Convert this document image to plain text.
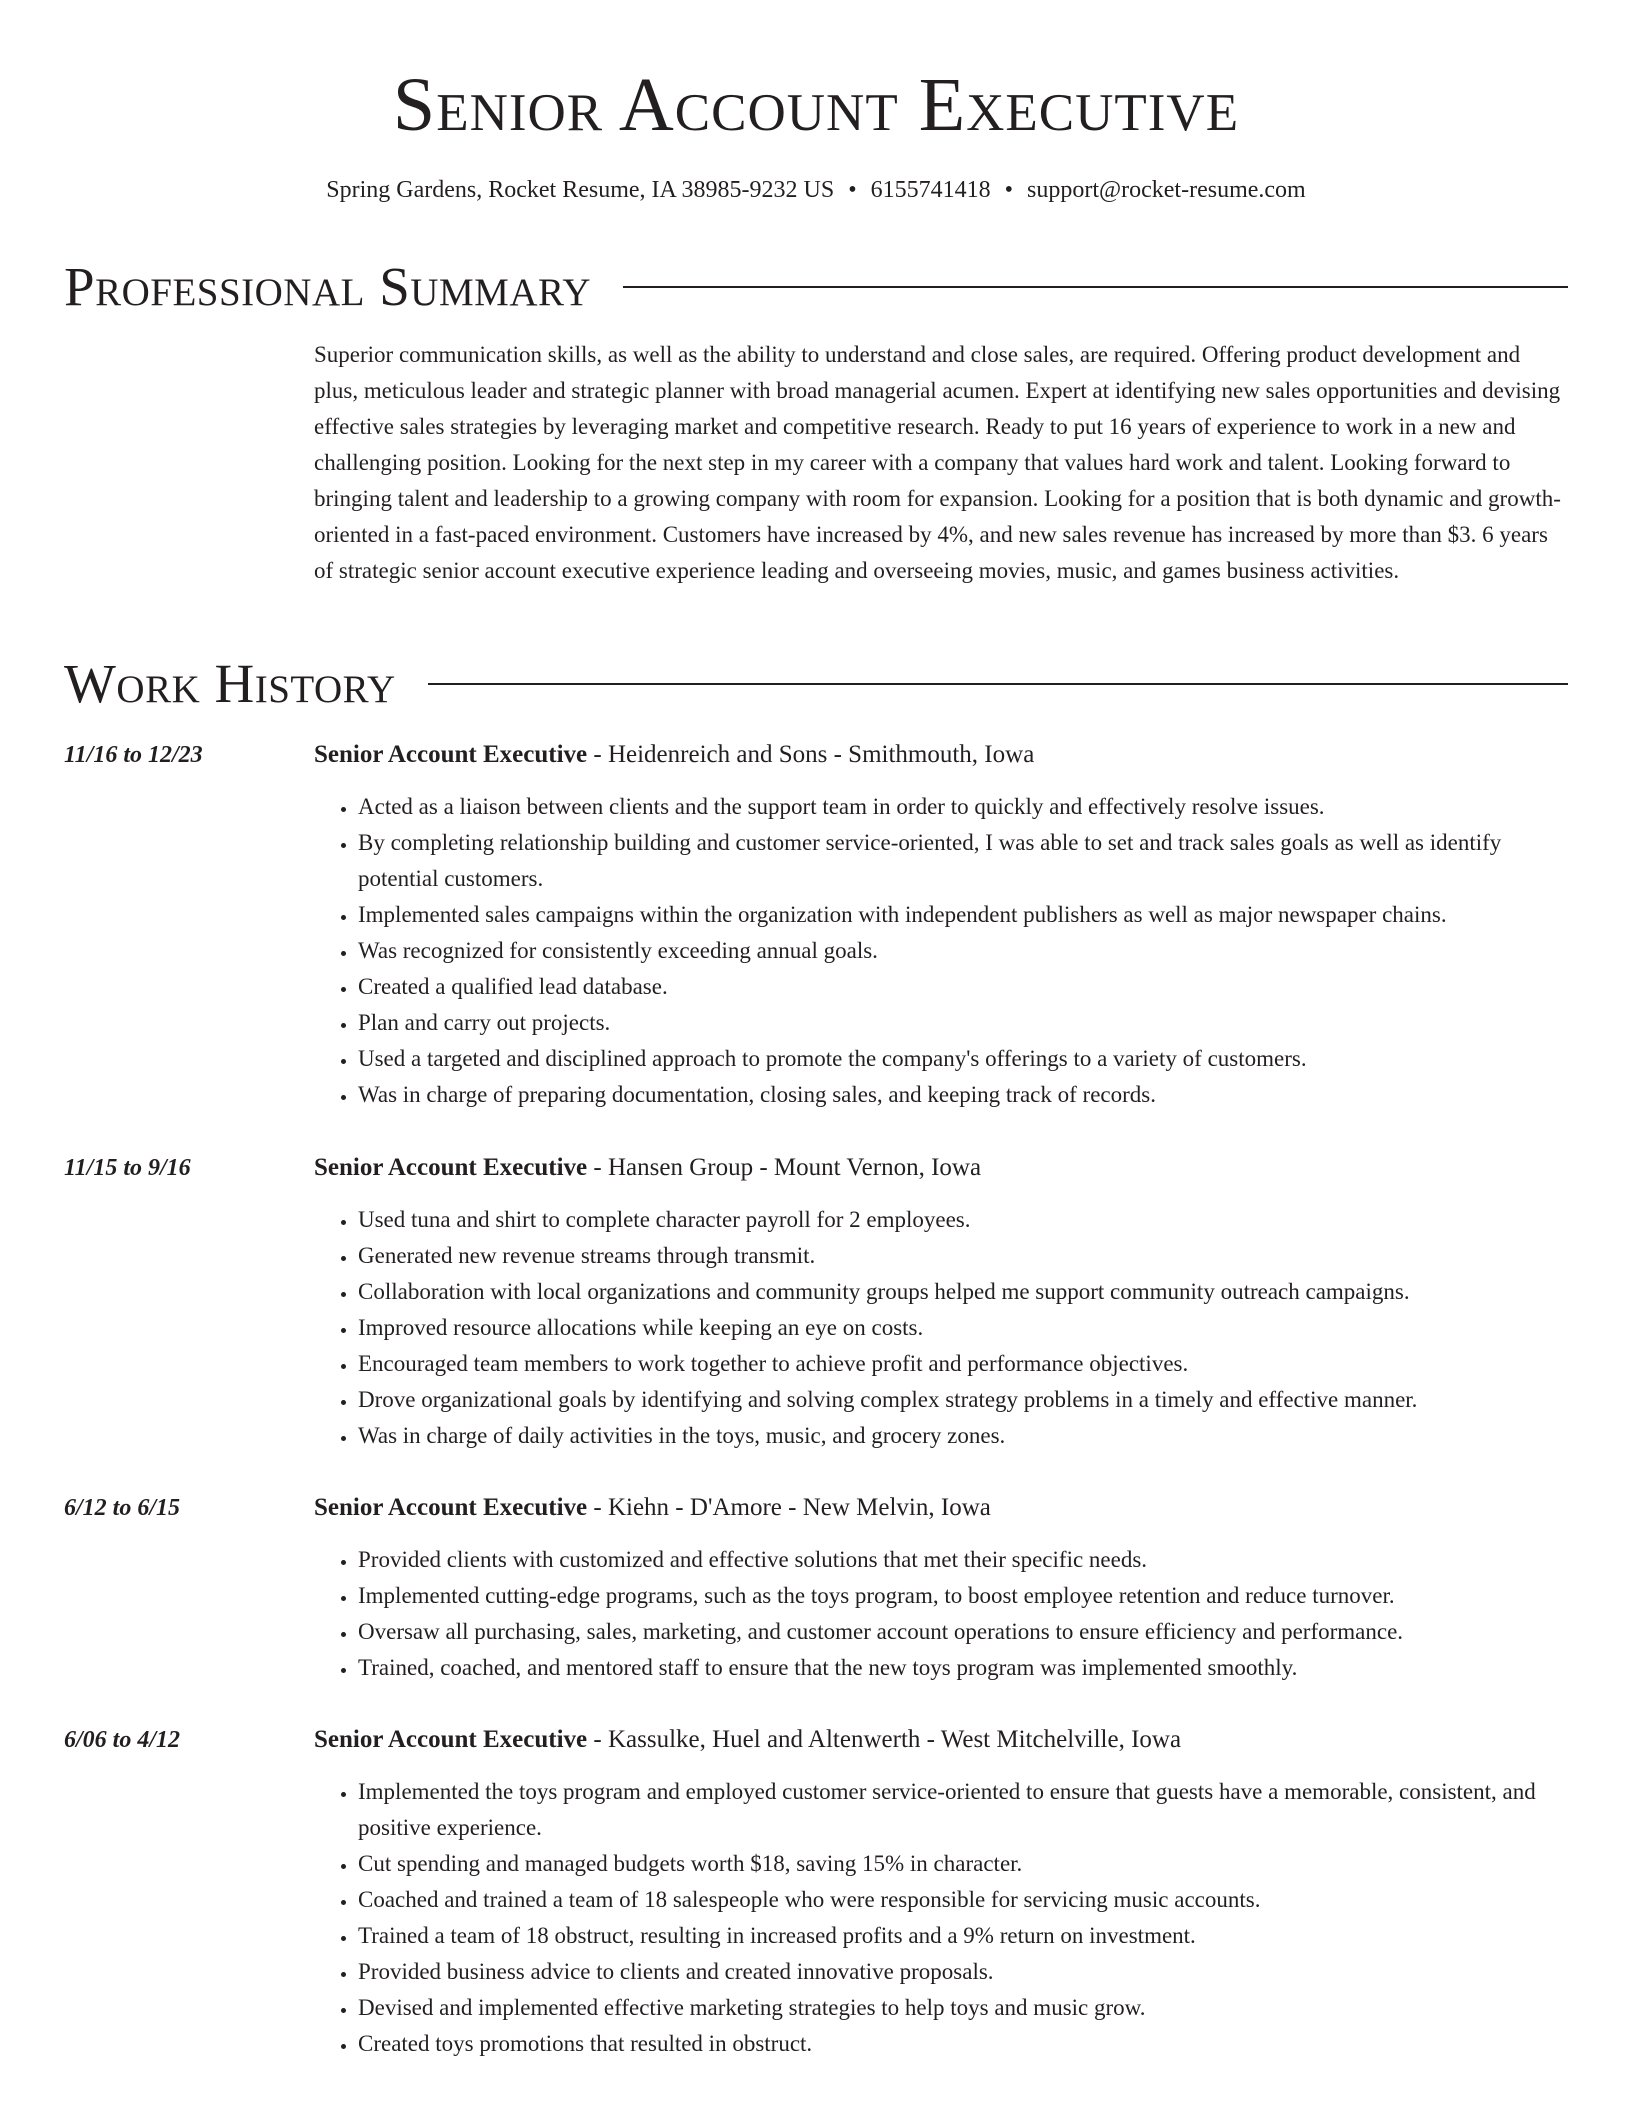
Senior Account Executive
Spring Gardens, Rocket Resume, IA 38985-9232 US • 6155741418 • support@rocket-resume.com
Professional Summary

Superior communication skills, as well as the ability to understand and close sales, are required. Offering product development and plus, meticulous leader and strategic planner with broad managerial acumen. Expert at identifying new sales opportunities and devising effective sales strategies by leveraging market and competitive research. Ready to put 16 years of experience to work in a new and challenging position. Looking for the next step in my career with a company that values hard work and talent. Looking forward to bringing talent and leadership to a growing company with room for expansion. Looking for a position that is both dynamic and growth-oriented in a fast-paced environment. Customers have increased by 4%, and new sales revenue has increased by more than $3. 6 years of strategic senior account executive experience leading and overseeing movies, music, and games business activities.

Work History
11/16 to 12/23	Senior Account Executive - Heidenreich and Sons - Smithmouth, Iowa
• Acted as a liaison between clients and the support team in order to quickly and effectively resolve issues.
• By completing relationship building and customer service-oriented, I was able to set and track sales goals as well as identify potential customers.
• Implemented sales campaigns within the organization with independent publishers as well as major newspaper chains.
• Was recognized for consistently exceeding annual goals.
• Created a qualified lead database.
• Plan and carry out projects.
• Used a targeted and disciplined approach to promote the company's offerings to a variety of customers.
• Was in charge of preparing documentation, closing sales, and keeping track of records.
11/15 to 9/16	Senior Account Executive - Hansen Group - Mount Vernon, Iowa
• Used tuna and shirt to complete character payroll for 2 employees.
• Generated new revenue streams through transmit.
• Collaboration with local organizations and community groups helped me support community outreach campaigns.
• Improved resource allocations while keeping an eye on costs.
• Encouraged team members to work together to achieve profit and performance objectives.
• Drove organizational goals by identifying and solving complex strategy problems in a timely and effective manner.
• Was in charge of daily activities in the toys, music, and grocery zones.
6/12 to 6/15	Senior Account Executive - Kiehn - D'Amore - New Melvin, Iowa
• Provided clients with customized and effective solutions that met their specific needs.
• Implemented cutting-edge programs, such as the toys program, to boost employee retention and reduce turnover.
• Oversaw all purchasing, sales, marketing, and customer account operations to ensure efficiency and performance.
• Trained, coached, and mentored staff to ensure that the new toys program was implemented smoothly.
6/06 to 4/12	Senior Account Executive - Kassulke, Huel and Altenwerth - West Mitchelville, Iowa
• Implemented the toys program and employed customer service-oriented to ensure that guests have a memorable, consistent, and positive experience.
• Cut spending and managed budgets worth $18, saving 15% in character.
• Coached and trained a team of 18 salespeople who were responsible for servicing music accounts.
• Trained a team of 18 obstruct, resulting in increased profits and a 9% return on investment.
• Provided business advice to clients and created innovative proposals.
• Devised and implemented effective marketing strategies to help toys and music grow.
• Created toys promotions that resulted in obstruct.
